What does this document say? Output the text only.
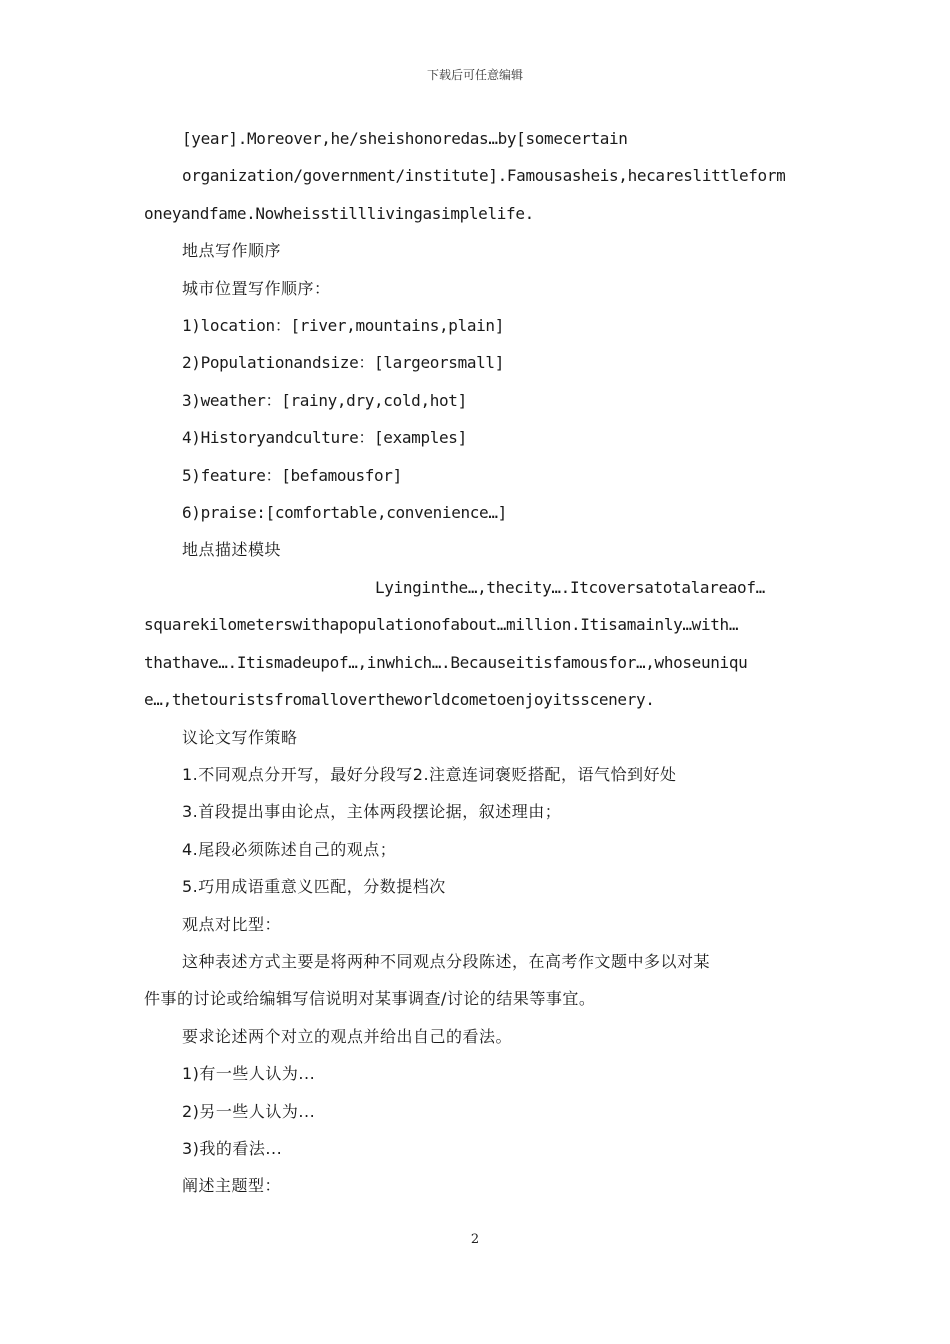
下载后可任意编辑
[year].Moreover,he/sheishonoredas…by[somecertain
organization/government/institute].Famousasheis,hecareslittleform
oneyandfame.Nowheisstilllivingasimplelife.
地点写作顺序
城市位置写作顺序：
1)location：[river,mountains,plain]
2)Populationandsize：[largeorsmall]
3)weather：[rainy,dry,cold,hot]
4)Historyandculture：[examples]
5)feature：[befamousfor]
6)praise:[comfortable,convenience…]
地点描述模块
Lyinginthe…,thecity….Itcoversatotalareaof…
squarekilometerswithapopulationofabout…million.Itisamainly…with…
thathave….Itismadeupof…,inwhich….Becauseitisfamousfor…,whoseuniqu
e…,thetouristsfromallovertheworldcometoenjoyitsscenery.
议论文写作策略
1.不同观点分开写，最好分段写2.注意连词褒贬搭配，语气恰到好处
3.首段提出事由论点，主体两段摆论据，叙述理由；
4.尾段必须陈述自己的观点；
5.巧用成语重意义匹配，分数提档次
观点对比型：
这种表述方式主要是将两种不同观点分段陈述，在高考作文题中多以对某
件事的讨论或给编辑写信说明对某事调查/讨论的结果等事宜。
要求论述两个对立的观点并给出自己的看法。
1)有一些人认为...
2)另一些人认为...
3)我的看法...
阐述主题型：
2
